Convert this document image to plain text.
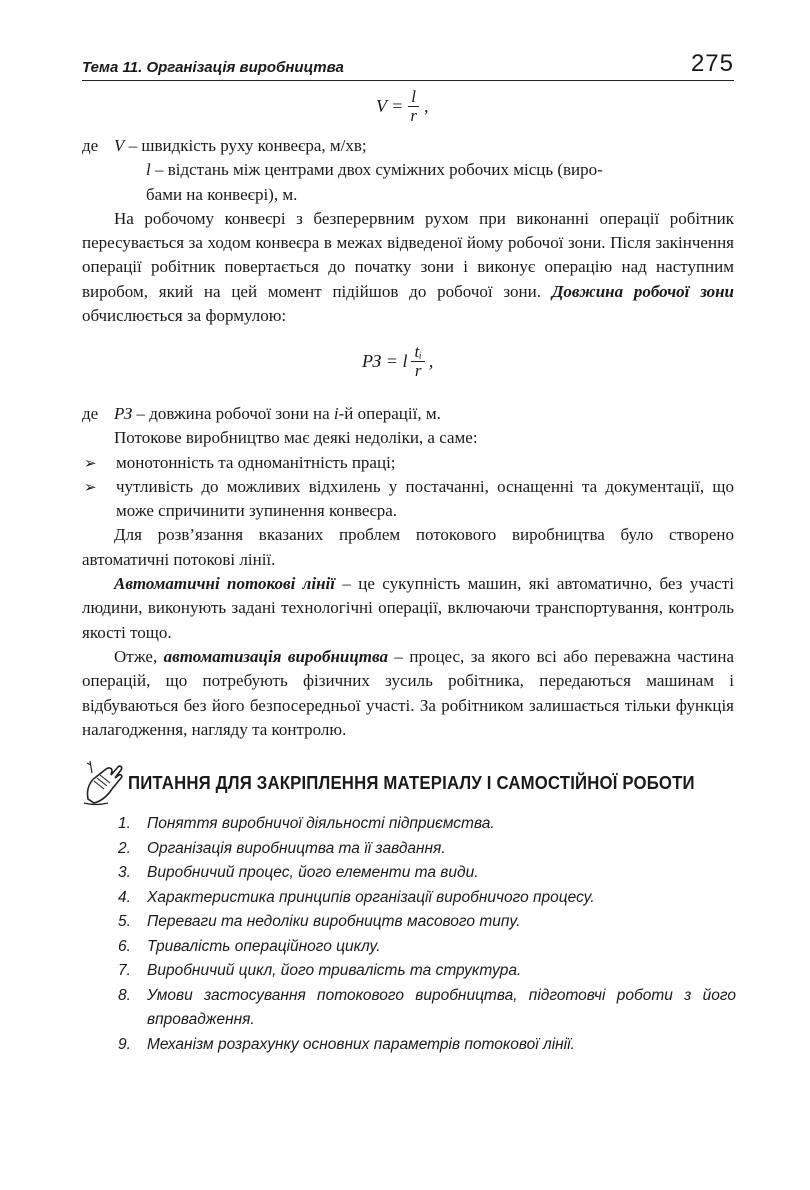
Тема 11. Організація виробництва	275
$V = \frac{l}{r}$ ,

де V – швидкість руху конвеєра, м/хв;

l – відстань між центрами двох суміжних робочих місць (виро-

бами на конвеєрі), м.

На робочому конвеєрі з безперервним рухом при виконанні операції робітник пересувається за ходом конвеєра в межах відведеної йому робочої зони. Після закінчення операції робітник повертається до початку зони і виконує операцію над наступним виробом, який на цей момент підійшов до робочої зони. Довжина робочої зони обчислюється за формулою:

РЗ = l $\frac{\text{tᵢ}}{r}$ ,

де РЗ – довжина робочої зони на і-й операції, м.

Потокове виробництво має деякі недоліки, а саме:

➢	монотонність та одноманітність праці;
➢	чутливість до можливих відхилень у постачанні, оснащенні та документації, що може спричинити зупинення конвеєра.

Для розв’язання вказаних проблем потокового виробництва було створено автоматичні потокові лінії.

Автоматичні потокові лінії – це сукупність машин, які автоматично, без участі людини, виконують задані технологічні операції, включаючи транспортування, контроль якості тощо.

Отже, автоматизація виробництва – процес, за якого всі або переважна частина операцій, що потребують фізичних зусиль робітника, передаються машинам і відбуваються без його безпосередньої участі. За робітником залишається тільки функція налагодження, нагляду та контролю.

ПИТАННЯ ДЛЯ ЗАКРІПЛЕННЯ МАТЕРІАЛУ І САМОСТІЙНОЇ РОБОТИ
1.	Поняття виробничої діяльності підприємства.
2.	Організація виробництва та її завдання.
3.	Виробничий процес, його елементи та види.
4.	Характеристика принципів організації виробничого процесу.
5.	Переваги та недоліки виробництв масового типу.
6.	Тривалість операційного циклу.
7.	Виробничий цикл, його тривалість та структура.
8.	Умови застосування потокового виробництва, підготовчі роботи з його впровадження.
9.	Механізм розрахунку основних параметрів потокової лінії.
